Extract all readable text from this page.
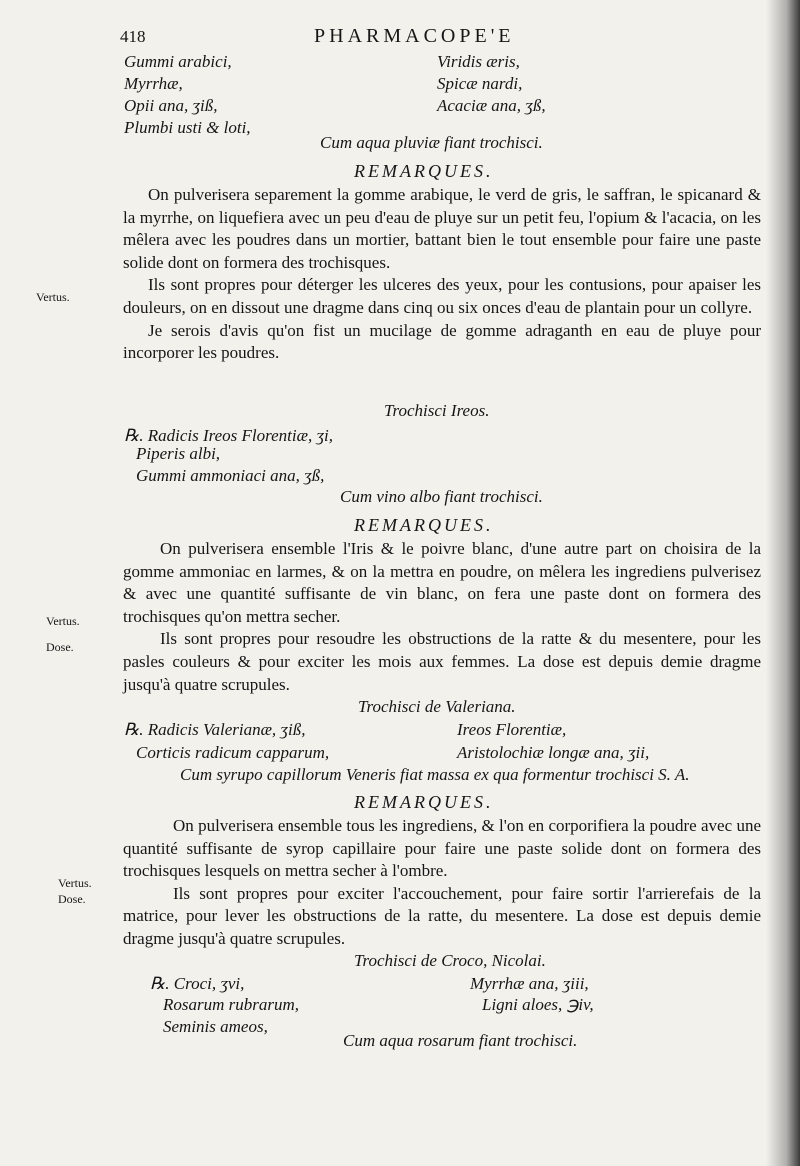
418	PHARMACOPE'E
Gummi arabici,
Myrrhæ,
Opii ana, ʒiß,
Plumbi usti & loti,
Viridis æris,
Spicæ nardi,
Acaciæ ana, ʒß,
Cum aqua pluviæ fiant trochisci.
REMARQUES.

On pulverisera separement la gomme arabique, le verd de gris, le saffran, le spicanard & la myrrhe, on liquefiera avec un peu d'eau de pluye sur un petit feu, l'opium & l'acacia, on les mêlera avec les poudres dans un mortier, battant bien le tout ensemble pour faire une paste solide dont on formera des trochisques.

Ils sont propres pour déterger les ulceres des yeux, pour les contusions, pour apaiser les douleurs, on en dissout une dragme dans cinq ou six onces d'eau de plantain pour un collyre.

Je serois d'avis qu'on fist un mucilage de gomme adraganth en eau de pluye pour incorporer les poudres.

Vertus.
Trochisci Ireos.
℞. Radicis Ireos Florentiæ, ʒi,
Piperis albi,
Gummi ammoniaci ana, ʒß,
Cum vino albo fiant trochisci.
REMARQUES.

On pulverisera ensemble l'Iris & le poivre blanc, d'une autre part on choisira de la gomme ammoniac en larmes, & on la mettra en poudre, on mêlera les ingrediens pulverisez & avec une quantité suffisante de vin blanc, on fera une paste dont on formera des trochisques qu'on mettra secher.

Ils sont propres pour resoudre les obstructions de la ratte & du mesentere, pour les pasles couleurs & pour exciter les mois aux femmes. La dose est depuis demie dragme jusqu'à quatre scrupules.

Vertus.
Dose.
Trochisci de Valeriana.
℞. Radicis Valerianæ, ʒiß,
Corticis radicum capparum,
Ireos Florentiæ,
Aristolochiæ longæ ana, ʒii,
Cum syrupo capillorum Veneris fiat massa ex qua formentur trochisci S. A.
REMARQUES.

On pulverisera ensemble tous les ingrediens, & l'on en corporifiera la poudre avec une quantité suffisante de syrop capillaire pour faire une paste solide dont on formera des trochisques lesquels on mettra secher à l'ombre.

Ils sont propres pour exciter l'accouchement, pour faire sortir l'arrierefais de la matrice, pour lever les obstructions de la ratte, du mesentere. La dose est depuis demie dragme jusqu'à quatre scrupules.

Vertus.
Dose.
Trochisci de Croco, Nicolai.
℞. Croci, ʒvi,
Rosarum rubrarum,
Seminis ameos,
Myrrhæ ana, ʒiii,
Ligni aloes, ℈iv,
Cum aqua rosarum fiant trochisci.
